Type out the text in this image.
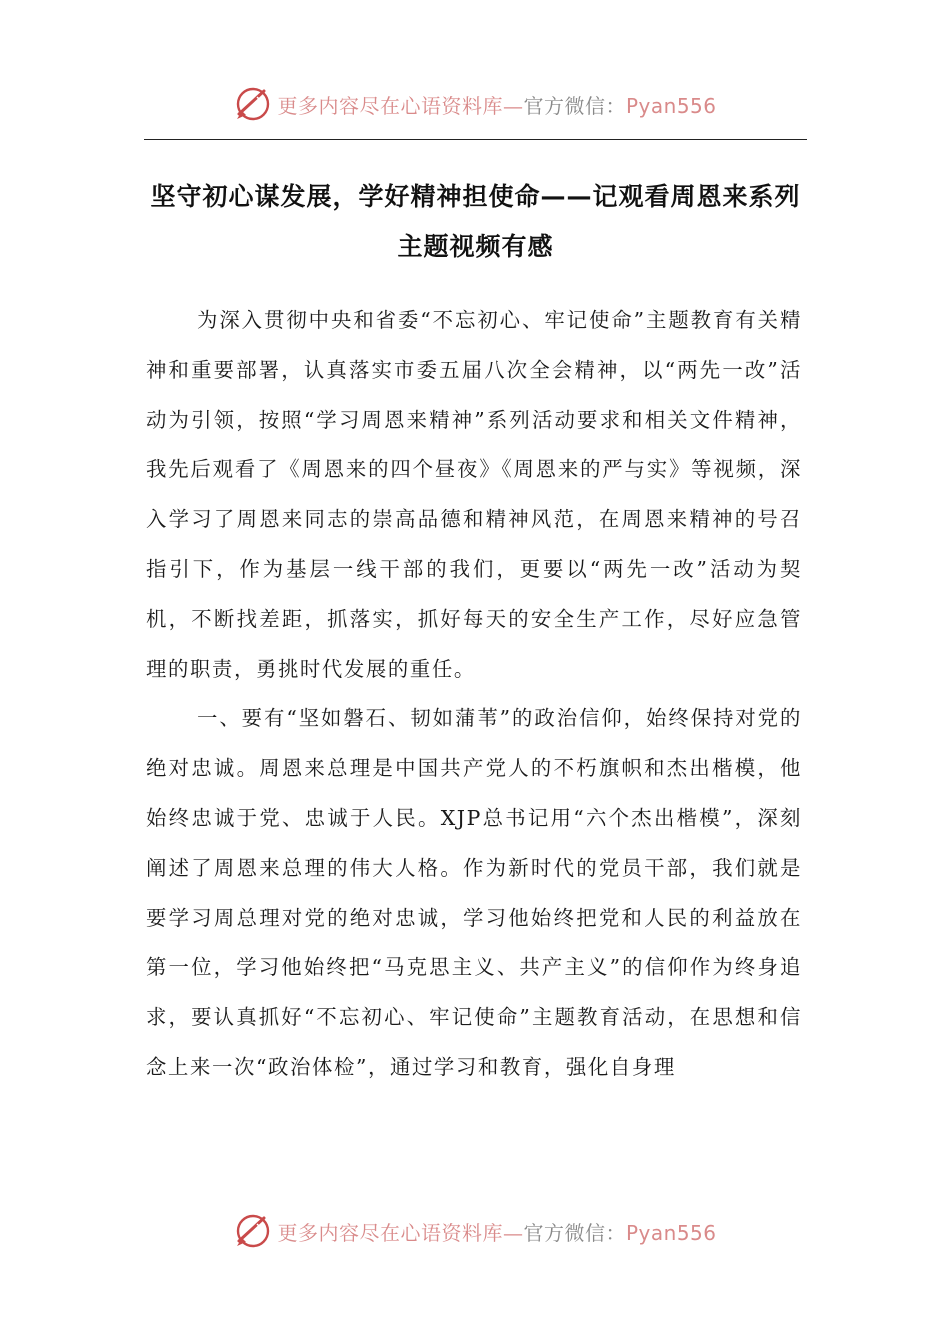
更多内容尽在心语资料库—官方微信：Pyan556
坚守初心谋发展，学好精神担使命——记观看周恩来系列主题视频有感

为深入贯彻中央和省委“不忘初心、牢记使命”主题教育有关精神和重要部署，认真落实市委五届八次全会精神，以“两先一改”活动为引领，按照“学习周恩来精神”系列活动要求和相关文件精神，我先后观看了《周恩来的四个昼夜》《周恩来的严与实》等视频，深入学习了周恩来同志的崇高品德和精神风范，在周恩来精神的号召指引下，作为基层一线干部的我们，更要以“两先一改”活动为契机，不断找差距，抓落实，抓好每天的安全生产工作，尽好应急管理的职责，勇挑时代发展的重任。

一、要有“坚如磐石、韧如蒲苇”的政治信仰，始终保持对党的绝对忠诚。周恩来总理是中国共产党人的不朽旗帜和杰出楷模，他始终忠诚于党、忠诚于人民。XJP总书记用“六个杰出楷模”，深刻阐述了周恩来总理的伟大人格。作为新时代的党员干部，我们就是要学习周总理对党的绝对忠诚，学习他始终把党和人民的利益放在第一位，学习他始终把“马克思主义、共产主义”的信仰作为终身追求，要认真抓好“不忘初心、牢记使命”主题教育活动，在思想和信念上来一次“政治体检”，通过学习和教育，强化自身理

更多内容尽在心语资料库—官方微信：Pyan556
